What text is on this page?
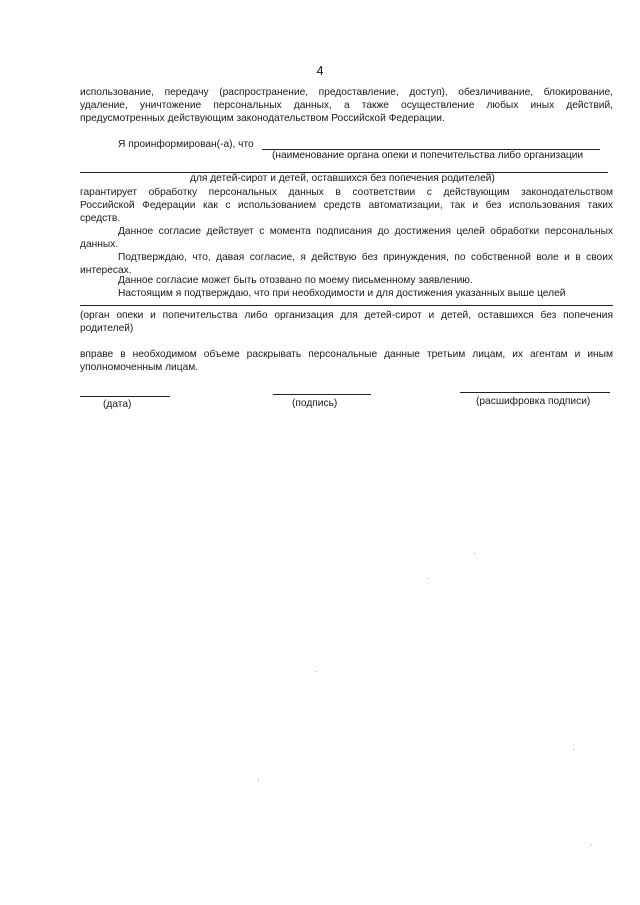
4
использование, передачу (распространение, предоставление, доступ), обезличивание, блокирование,
удаление, уничтожение персональных данных, а также осуществление любых иных действий,
предусмотренных действующим законодательством Российской Федерации.
Я проинформирован(-а), что
(наименование органа опеки и попечительства либо организации
для детей-сирот и детей, оставшихся без попечения родителей)
гарантирует обработку персональных данных в соответствии с действующим законодательством
Российской Федерации как с использованием средств автоматизации, так и без использования таких
средств.
Данное согласие действует с момента подписания до достижения целей обработки персональных
данных.
Подтверждаю, что, давая согласие, я действую без принуждения, по собственной воле и в своих
интересах.
Данное согласие может быть отозвано по моему письменному заявлению.
Настоящим я подтверждаю, что при необходимости и для достижения указанных выше целей
(орган опеки и попечительства либо организация для детей-сирот и детей, оставшихся без попечения
родителей)
вправе в необходимом объеме раскрывать персональные данные третьим лицам, их агентам и иным
уполномоченным лицам.
(дата)	(подпись)	(расшифровка подписи)
